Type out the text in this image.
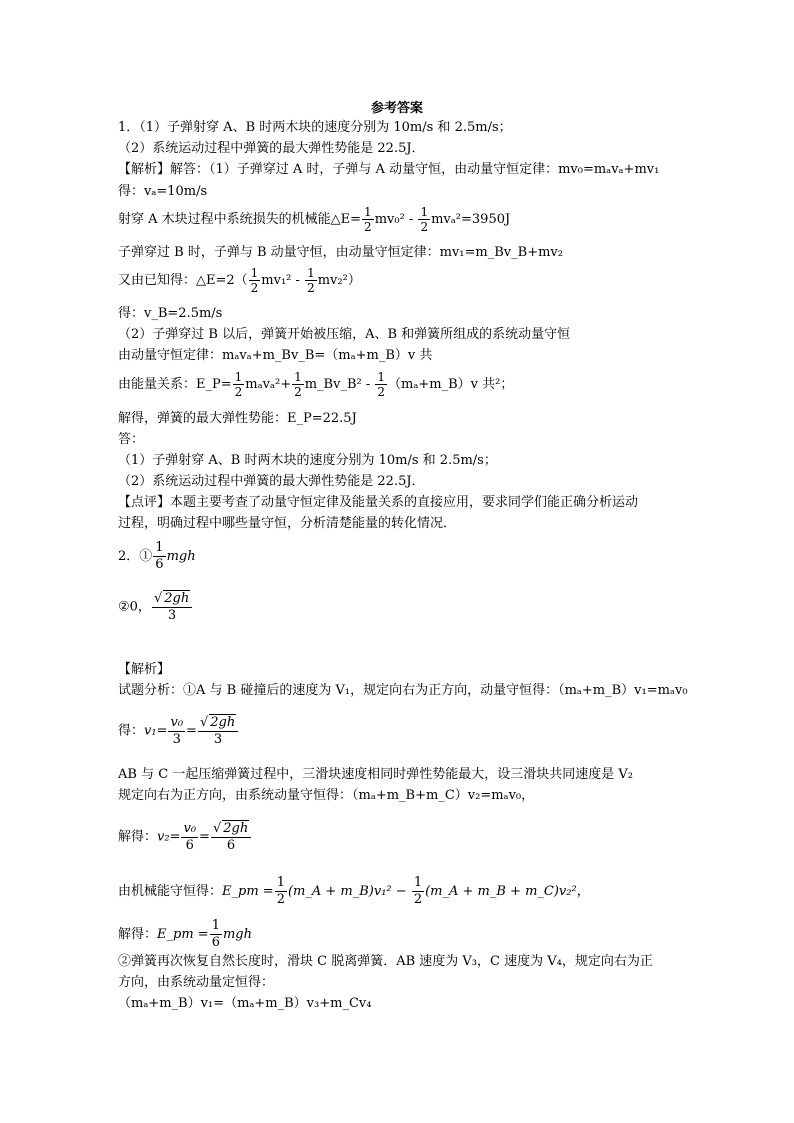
参考答案
1．（1）子弹射穿 A、B 时两木块的速度分别为 10m/s 和 2.5m/s；
（2）系统运动过程中弹簧的最大弹性势能是 22.5J．
【解析】解答：（1）子弹穿过 A 时，子弹与 A 动量守恒，由动量守恒定律：mv₀=mₐvₐ+mv₁
得：vₐ=10m/s
射穿 A 木块过程中系统损失的机械能△E= $\frac{1}{2} mv_0^2 - \frac{1}{2} mv_a^2=3950J$
子弹穿过 B 时，子弹与 B 动量守恒，由动量守恒定律：mv₁=m_Bv_B+mv₂
又由已知得：△E=2（ $\frac{1}{2} mv_1^2 - \frac{1}{2} mv_2^2$）
得：v_B=2.5m/s
（2）子弹穿过 B 以后，弹簧开始被压缩，A、B 和弹簧所组成的系统动量守恒
由动量守恒定律：mₐvₐ+m_Bv_B=（mₐ+m_B）v 共
由能量关系：E_P= $\frac{1}{2} m_av_a^2+ \frac{1}{2}$ m_Bv_B² - $\frac{1}{2}$ （mₐ+m_B）v 共²；
解得，弹簧的最大弹性势能：E_P=22.5J
答：
（1）子弹射穿 A、B 时两木块的速度分别为 10m/s 和 2.5m/s；
（2）系统运动过程中弹簧的最大弹性势能是 22.5J．
【点评】本题主要考查了动量守恒定律及能量关系的直接应用，要求同学们能正确分析运动
过程，明确过程中哪些量守恒，分析清楚能量的转化情况．
2．① $\frac{1}{6}$ mgh
②0， $\frac{√ 2gh}{3}$
【解析】
试题分析：①A 与 B 碰撞后的速度为 V₁，规定向右为正方向，动量守恒得：（mₐ+m_B）v₁=mₐv₀
得：$v_1= \frac{\text{v₀}}{3} = \frac{√ 2gh}{3}$
AB 与 C 一起压缩弹簧过程中，三滑块速度相同时弹性势能最大，设三滑块共同速度是 V₂
规定向右为正方向，由系统动量守恒得：（mₐ+m_B+m_C）v₂=mₐv₀，
解得：$v_2= \frac{\text{v₀}}{6} = \frac{√ 2gh}{6}$
由机械能守恒得：E_pm = $\frac{1}{2}$ (m_A + m_B)v₁² − $\frac{1}{2}$ (m_A + m_B + m_C)v₂²，
解得：E_pm = $\frac{1}{6}$ mgh
②弹簧再次恢复自然长度时，滑块 C 脱离弹簧．AB 速度为 V₃，C 速度为 V₄，规定向右为正
方向，由系统动量定恒得：
（mₐ+m_B）v₁=（mₐ+m_B）v₃+m_Cv₄
